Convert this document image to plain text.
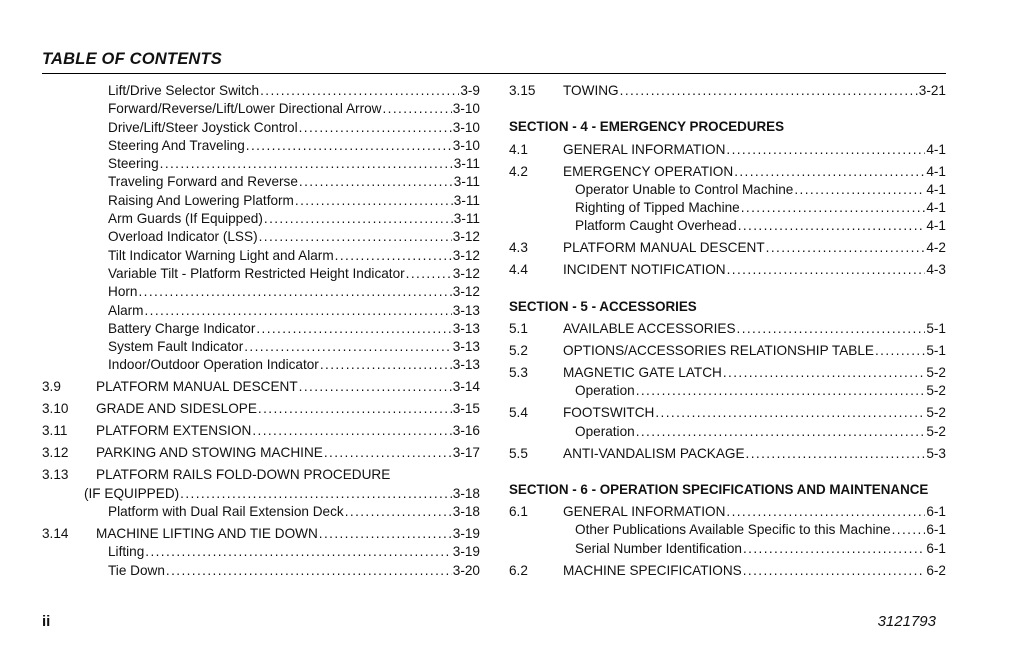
TABLE OF CONTENTS
Lift/Drive Selector Switch .....	3-9
Forward/Reverse/Lift/Lower Directional Arrow .....	3-10
Drive/Lift/Steer Joystick Control .....	3-10
Steering And Traveling .....	3-10
Steering .....	3-11
Traveling Forward and Reverse .....	3-11
Raising And Lowering Platform .....	3-11
Arm Guards (If Equipped) .....	3-11
Overload Indicator (LSS) .....	3-12
Tilt Indicator Warning Light and Alarm .....	3-12
Variable Tilt - Platform Restricted Height Indicator .....	3-12
Horn .....	3-12
Alarm .....	3-13
Battery Charge Indicator .....	3-13
System Fault Indicator .....	3-13
Indoor/Outdoor Operation Indicator .....	3-13
3.9	PLATFORM MANUAL DESCENT .....	3-14
3.10	GRADE AND SIDESLOPE .....	3-15
3.11	PLATFORM EXTENSION .....	3-16
3.12	PARKING AND STOWING MACHINE .....	3-17
3.13	PLATFORM RAILS FOLD-DOWN PROCEDURE
(IF EQUIPPED) .....	3-18
Platform with Dual Rail Extension Deck .....	3-18
3.14	MACHINE LIFTING AND TIE DOWN .....	3-19
Lifting .....	3-19
Tie Down .....	3-20
3.15	TOWING .....	3-21
SECTION - 4 - EMERGENCY PROCEDURES
4.1	GENERAL INFORMATION .....	4-1
4.2	EMERGENCY OPERATION .....	4-1
Operator Unable to Control Machine .....	4-1
Righting of Tipped Machine .....	4-1
Platform Caught Overhead .....	4-1
4.3	PLATFORM MANUAL DESCENT .....	4-2
4.4	INCIDENT NOTIFICATION .....	4-3
SECTION - 5 - ACCESSORIES
5.1	AVAILABLE ACCESSORIES .....	5-1
5.2	OPTIONS/ACCESSORIES RELATIONSHIP TABLE .....	5-1
5.3	MAGNETIC GATE LATCH .....	5-2
Operation .....	5-2
5.4	FOOTSWITCH .....	5-2
Operation .....	5-2
5.5	ANTI-VANDALISM PACKAGE .....	5-3
SECTION - 6 - OPERATION SPECIFICATIONS AND MAINTENANCE
6.1	GENERAL INFORMATION .....	6-1
Other Publications Available Specific to this Machine .....	6-1
Serial Number Identification .....	6-1
6.2	MACHINE SPECIFICATIONS .....	6-2
ii	3121793
